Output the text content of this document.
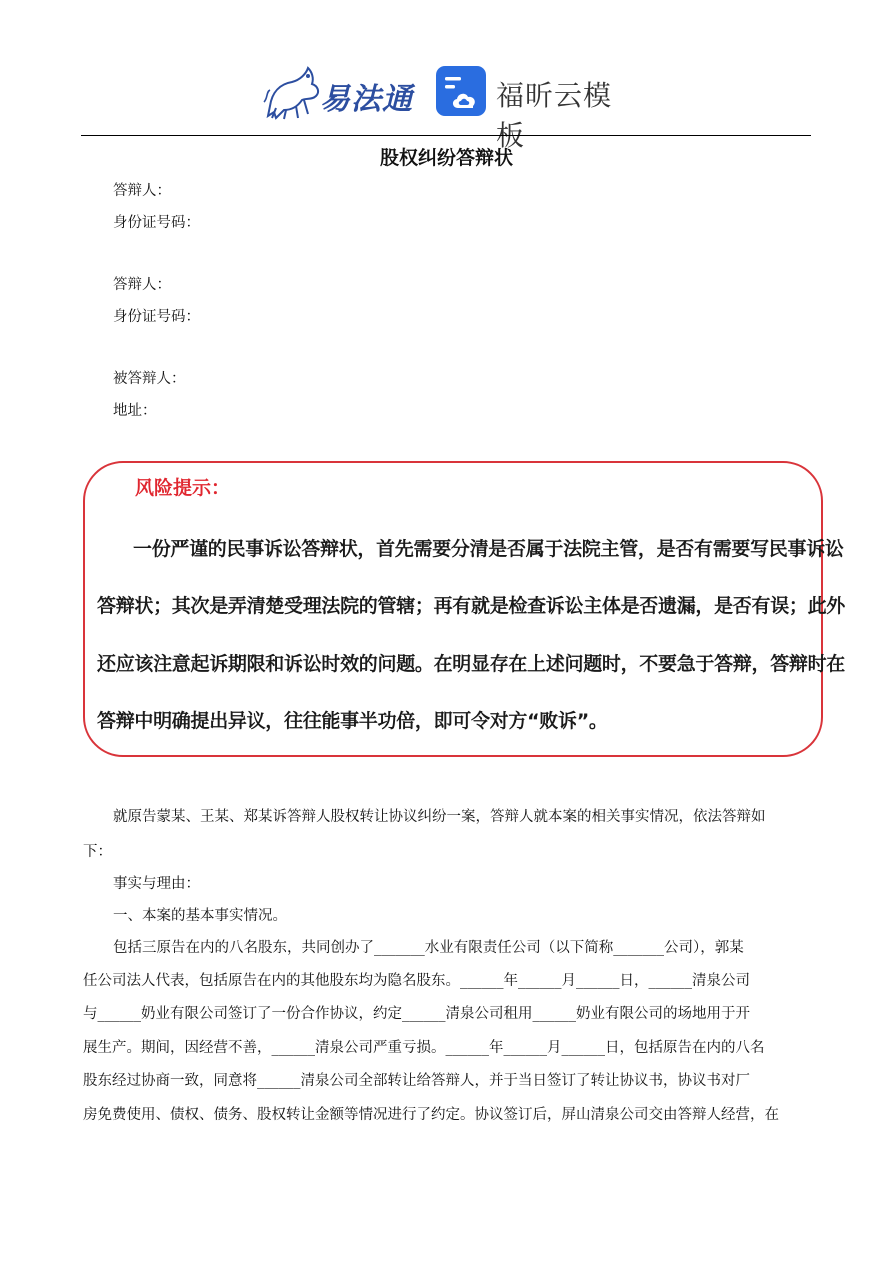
易法通	福昕云模板
股权纠纷答辩状
答辩人：
身份证号码：
答辩人：
身份证号码：
被答辩人：
地址：
风险提示：
一份严谨的民事诉讼答辩状，首先需要分清是否属于法院主管，是否有需要写民事诉讼
答辩状；其次是弄清楚受理法院的管辖；再有就是检查诉讼主体是否遗漏，是否有误；此外
还应该注意起诉期限和诉讼时效的问题。在明显存在上述问题时，不要急于答辩，答辩时在
答辩中明确提出异议，往往能事半功倍，即可令对方“败诉”。
就原告蒙某、王某、郑某诉答辩人股权转让协议纠纷一案，答辩人就本案的相关事实情况，依法答辩如
下：
事实与理由：
一、本案的基本事实情况。
包括三原告在内的八名股东，共同创办了_______水业有限责任公司（以下简称_______公司），郭某
任公司法人代表，包括原告在内的其他股东均为隐名股东。______年______月______日，______清泉公司
与______奶业有限公司签订了一份合作协议，约定______清泉公司租用______奶业有限公司的场地用于开
展生产。期间，因经营不善，______清泉公司严重亏损。______年______月______日，包括原告在内的八名
股东经过协商一致，同意将______清泉公司全部转让给答辩人，并于当日签订了转让协议书，协议书对厂
房免费使用、债权、债务、股权转让金额等情况进行了约定。协议签订后，屏山清泉公司交由答辩人经营，在
